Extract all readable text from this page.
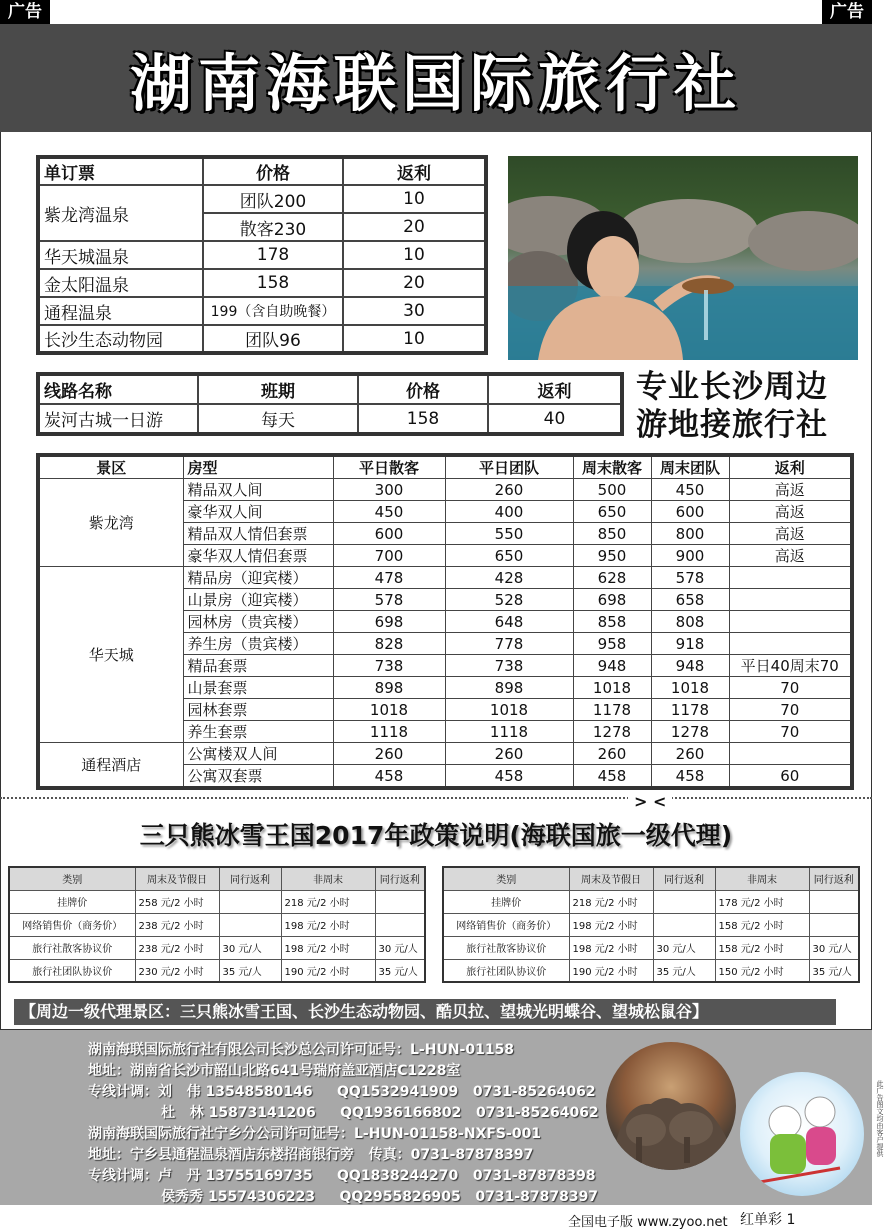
广告	广告
湖南海联国际旅行社
单订票	价格	返利
紫龙湾温泉	团队200	10
	散客230	20
华天城温泉	178	10
金太阳温泉	158	20
通程温泉	199（含自助晚餐）	30
长沙生态动物园	团队96	10
线路名称	班期	价格	返利
炭河古城一日游	每天	158	40
专业长沙周边
游地接旅行社
景区	房型	平日散客	平日团队	周末散客	周末团队	返利
紫龙湾	精品双人间	300	260	500	450	高返
	豪华双人间	450	400	650	600	高返
	精品双人情侣套票	600	550	850	800	高返
	豪华双人情侣套票	700	650	950	900	高返
华天城	精品房（迎宾楼）	478	428	628	578	
	山景房（迎宾楼）	578	528	698	658	
	园林房（贵宾楼）	698	648	858	808	
	养生房（贵宾楼）	828	778	958	918	
	精品套票	738	738	948	948	平日40周末70
	山景套票	898	898	1018	1018	70
	园林套票	1018	1018	1178	1178	70
	养生套票	1118	1118	1278	1278	70
通程酒店	公寓楼双人间	260	260	260	260	
	公寓双套票	458	458	458	458	60
> <
三只熊冰雪王国2017年政策说明(海联国旅一级代理)
类别	周末及节假日	同行返利	非周末	同行返利
挂牌价	258 元/2 小时		218 元/2 小时	
网络销售价（商务价）	238 元/2 小时		198 元/2 小时	
旅行社散客协议价	238 元/2 小时	30 元/人	198 元/2 小时	30 元/人
旅行社团队协议价	230 元/2 小时	35 元/人	190 元/2 小时	35 元/人
类别	周末及节假日	同行返利	非周末	同行返利
挂牌价	218 元/2 小时		178 元/2 小时	
网络销售价（商务价）	198 元/2 小时		158 元/2 小时	
旅行社散客协议价	198 元/2 小时	30 元/人	158 元/2 小时	30 元/人
旅行社团队协议价	190 元/2 小时	35 元/人	150 元/2 小时	35 元/人
【周边一级代理景区：三只熊冰雪王国、长沙生态动物园、酷贝拉、望城光明蝶谷、望城松鼠谷】
湖南海联国际旅行社有限公司长沙总公司许可证号：L-HUN-01158
地址：湖南省长沙市韶山北路641号瑞府盖亚酒店C1228室
专线计调：刘   伟 13548580146     QQ1532941909   0731-85264062
杜   林 15873141206     QQ1936166802   0731-85264062
湖南海联国际旅行社宁乡分公司许可证号：L-HUN-01158-NXFS-001
地址：宁乡县通程温泉酒店东楼招商银行旁   传真：0731-87878397
专线计调：卢   丹 13755169735     QQ1838244270   0731-87878398
侯秀秀 15574306223     QQ2955826905   0731-87878397
此广告图文均由客户提供
全国电子版 www.zyoo.net 红单彩 1
